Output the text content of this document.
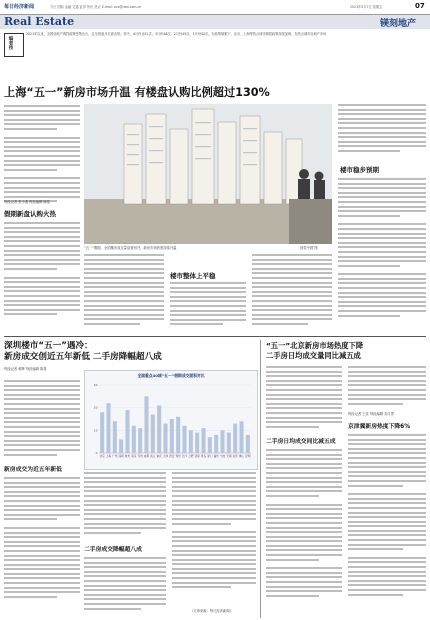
每日经济新闻	今日 国际 金融 交通 证券 快讯 热点 E-mail: xxx@nbd.com.cn	2021年5月7日 星期五	07
Real Estate	镁刻地产
编者按
2021年以来，全国房地产调控政策密集出台，且呈现逐月走高态势。其中，4月份达51次，3月份48次，2月份45次，1月份42次。在政策频繁下，北京、上海等热点城市调控政策持续加码。在热点城市房地产市场
上海“五一”新房市场升温 有楼盘认购比例超过130%
每经记者 张小燕 每经编辑 陈星
假期新盘认购火热
“五一”假期，全国楼市成交量显著回升，新房市场热度持续升温	视觉中国 图
楼市整体上平稳
楼市稳步预期
深圳楼市“五一”遇冷：
新房成交创近五年新低 二手房降幅超八成
每经记者 黄辉 每经编辑 陈星
新房成交为近五年新低
全国重点40城“五一”假期成交面积对比
0
10
20
30
北京 上海 广州 深圳 杭州 南京 苏州 成都 武汉 重庆 天津 西安 郑州 长沙 合肥 济南 青岛 厦门 福州 宁波 无锡 东莞 佛山 昆明
二手房成交降幅超八成
（文章来源：每日经济新闻）
“五一”北京新房市场热度下降
二手房日均成交量同比减五成
每经记者 王佳 每经编辑 刘义菁
京津冀新房热度下降6%
二手房日均成交同比减五成
